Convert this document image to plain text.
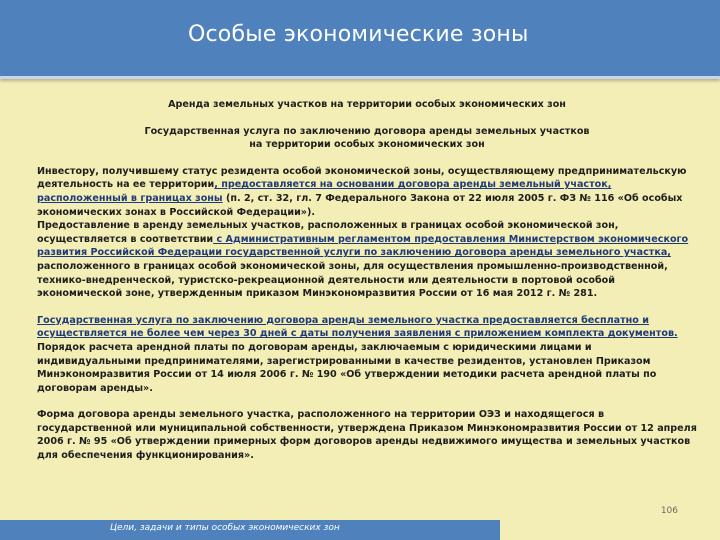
Особые экономические зоны

Аренда земельных участков на территории особых экономических зон

Государственная услуга по заключению договора аренды земельных участков

на территории особых экономических зон

Инвестору, получившему статус резидента особой экономической зоны, осуществляющему предпринимательскую деятельность на ее территории, предоставляется на основании договора аренды земельный участок, расположенный в границах зоны (п. 2, ст. 32, гл. 7 Федерального Закона от 22 июля 2005 г. ФЗ № 116 «Об особых экономических зонах в Российской Федерации»).

Предоставление в аренду земельных участков, расположенных в границах особой экономической зон, осуществляется в соответствии с Административным регламентом предоставления Министерством экономического развития Российской Федерации государственной услуги по заключению договора аренды земельного участка, расположенного в границах особой экономической зоны, для осуществления промышленно-производственной, технико-внедренческой, туристско-рекреационной деятельности или деятельности в портовой особой экономической зоне, утвержденным приказом Минэкономразвития России от 16 мая 2012 г. № 281.

Государственная услуга по заключению договора аренды земельного участка предоставляется бесплатно и осуществляется не более чем через 30 дней с даты получения заявления с приложением комплекта документов.

Порядок расчета арендной платы по договорам аренды, заключаемым с юридическими лицами и индивидуальными предпринимателями, зарегистрированными в качестве резидентов, установлен Приказом Минэкономразвития России от 14 июля 2006 г. № 190 «Об утверждении методики расчета арендной платы по договорам аренды».

Форма договора аренды земельного участка, расположенного на территории ОЭЗ и находящегося в государственной или муниципальной собственности, утверждена Приказом Минэкономразвития России от 12 апреля 2006 г. № 95 «Об утверждении примерных форм договоров аренды недвижимого имущества и земельных участков для обеспечения функционирования».

106
Цели, задачи и типы особых экономических зон
